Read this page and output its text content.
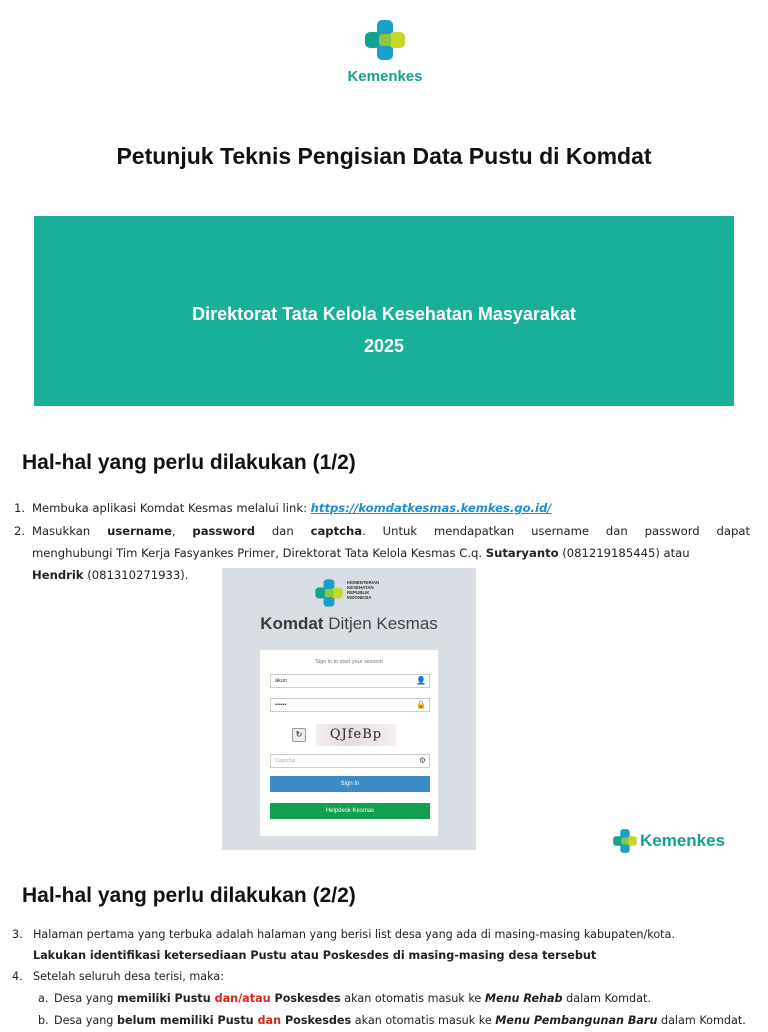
Kemenkes
Petunjuk Teknis Pengisian Data Pustu di Komdat
Direktorat Tata Kelola Kesehatan Masyarakat
2025
Hal-hal yang perlu dilakukan (1/2)
1. Membuka aplikasi Komdat Kesmas melalui link: https://komdatkesmas.kemkes.go.id/
2. Masukkan username, password dan captcha. Untuk mendapatkan username dan password dapat
menghubungi Tim Kerja Fasyankes Primer, Direktorat Tata Kelola Kesmas C.q. Sutaryanto (081219185445) atau
Hendrik (081310271933).
KEMENTERIAN
KESEHATAN
REPUBLIK
INDONESIA
Komdat Ditjen Kesmas
Sign in to start your session
akun	👤
••••••	🔒
↻	QJfeBp
Captcha	⚙
Sign In
Helpdesk Kesmas
Kemenkes
Hal-hal yang perlu dilakukan (2/2)
3. Halaman pertama yang terbuka adalah halaman yang berisi list desa yang ada di masing-masing kabupaten/kota.
Lakukan identifikasi ketersediaan Pustu atau Poskesdes di masing-masing desa tersebut
4. Setelah seluruh desa terisi, maka:
a. Desa yang memiliki Pustu dan/atau Poskesdes akan otomatis masuk ke Menu Rehab dalam Komdat.
b. Desa yang belum memiliki Pustu dan Poskesdes akan otomatis masuk ke Menu Pembangunan Baru dalam Komdat.
